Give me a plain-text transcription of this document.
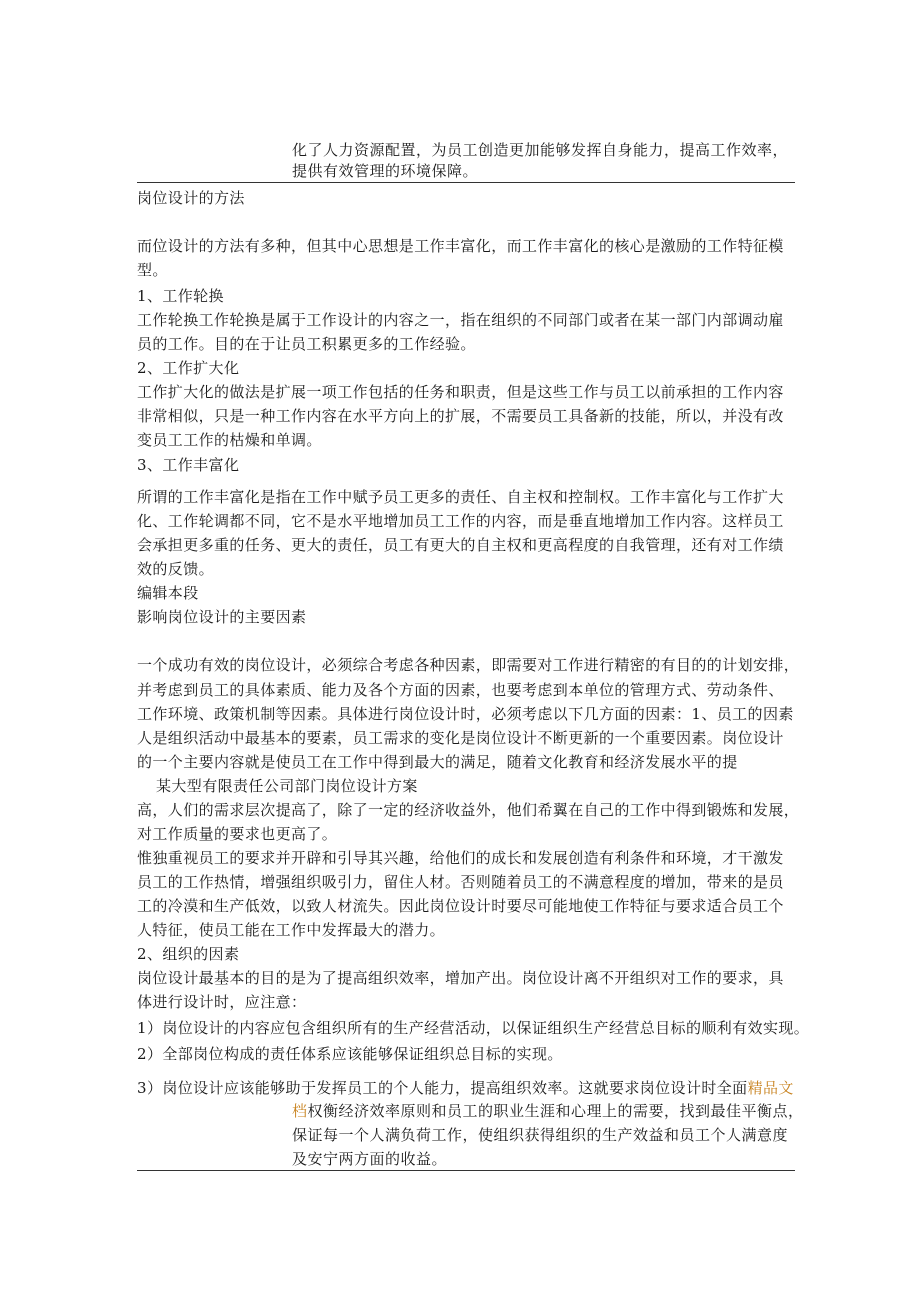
化了人力资源配置，为员工创造更加能够发挥自身能力，提高工作效率，
提供有效管理的环境保障。
岗位设计的方法
而位设计的方法有多种，但其中心思想是工作丰富化，而工作丰富化的核心是激励的工作特征模
型。
1、工作轮换
工作轮换工作轮换是属于工作设计的内容之一，指在组织的不同部门或者在某一部门内部调动雇
员的工作。目的在于让员工积累更多的工作经验。
2、工作扩大化
工作扩大化的做法是扩展一项工作包括的任务和职责，但是这些工作与员工以前承担的工作内容
非常相似，只是一种工作内容在水平方向上的扩展，不需要员工具备新的技能，所以，并没有改
变员工工作的枯燥和单调。
3、工作丰富化
所谓的工作丰富化是指在工作中赋予员工更多的责任、自主权和控制权。工作丰富化与工作扩大
化、工作轮调都不同，它不是水平地增加员工工作的内容，而是垂直地增加工作内容。这样员工
会承担更多重的任务、更大的责任，员工有更大的自主权和更高程度的自我管理，还有对工作绩
效的反馈。
编辑本段
影响岗位设计的主要因素
一个成功有效的岗位设计，必须综合考虑各种因素，即需要对工作进行精密的有目的的计划安排，
并考虑到员工的具体素质、能力及各个方面的因素，也要考虑到本单位的管理方式、劳动条件、
工作环境、政策机制等因素。具体进行岗位设计时，必须考虑以下几方面的因素：1、员工的因素
人是组织活动中最基本的要素，员工需求的变化是岗位设计不断更新的一个重要因素。岗位设计
的一个主要内容就是使员工在工作中得到最大的满足，随着文化教育和经济发展水平的提
某大型有限责任公司部门岗位设计方案
高，人们的需求层次提高了，除了一定的经济收益外，他们希翼在自己的工作中得到锻炼和发展，
对工作质量的要求也更高了。
惟独重视员工的要求并开辟和引导其兴趣，给他们的成长和发展创造有利条件和环境，才干激发
员工的工作热情，增强组织吸引力，留住人材。否则随着员工的不满意程度的增加，带来的是员
工的冷漠和生产低效，以致人材流失。因此岗位设计时要尽可能地使工作特征与要求适合员工个
人特征，使员工能在工作中发挥最大的潜力。
2、组织的因素
岗位设计最基本的目的是为了提高组织效率，增加产出。岗位设计离不开组织对工作的要求，具
体进行设计时，应注意：
1）岗位设计的内容应包含组织所有的生产经营活动，以保证组织生产经营总目标的顺利有效实现。
2）全部岗位构成的责任体系应该能够保证组织总目标的实现。
3）岗位设计应该能够助于发挥员工的个人能力，提高组织效率。这就要求岗位设计时全面精品文
档权衡经济效率原则和员工的职业生涯和心理上的需要，找到最佳平衡点，
保证每一个人满负荷工作，使组织获得组织的生产效益和员工个人满意度
及安宁两方面的收益。
